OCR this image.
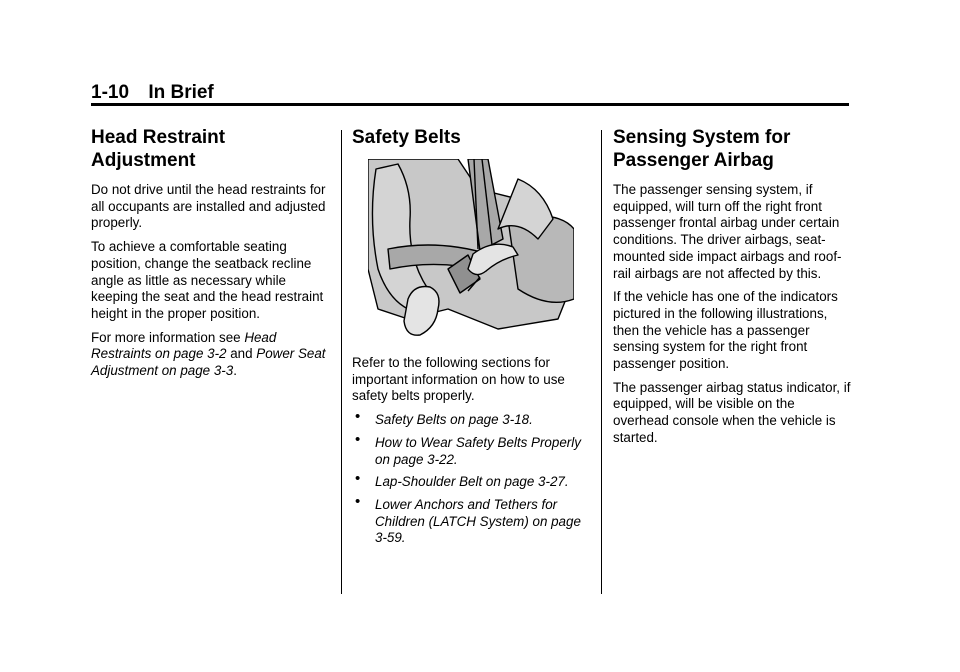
1-10 In Brief
Head Restraint
Adjustment

Do not drive until the head restraints for all occupants are installed and adjusted properly.

To achieve a comfortable seating position, change the seatback recline angle as little as necessary while keeping the seat and the head restraint height in the proper position.

For more information see Head Restraints on page 3-2 and Power Seat Adjustment on page 3-3.

Safety Belts

Refer to the following sections for important information on how to use safety belts properly.

• Safety Belts on page 3-18.
• How to Wear Safety Belts Properly on page 3-22.
• Lap-Shoulder Belt on page 3-27.
• Lower Anchors and Tethers for Children (LATCH System) on page 3-59.
Sensing System for
Passenger Airbag

The passenger sensing system, if equipped, will turn off the right front passenger frontal airbag under certain conditions. The driver airbags, seat-mounted side impact airbags and roof-rail airbags are not affected by this.

If the vehicle has one of the indicators pictured in the following illustrations, then the vehicle has a passenger sensing system for the right front passenger position.

The passenger airbag status indicator, if equipped, will be visible on the overhead console when the vehicle is started.
